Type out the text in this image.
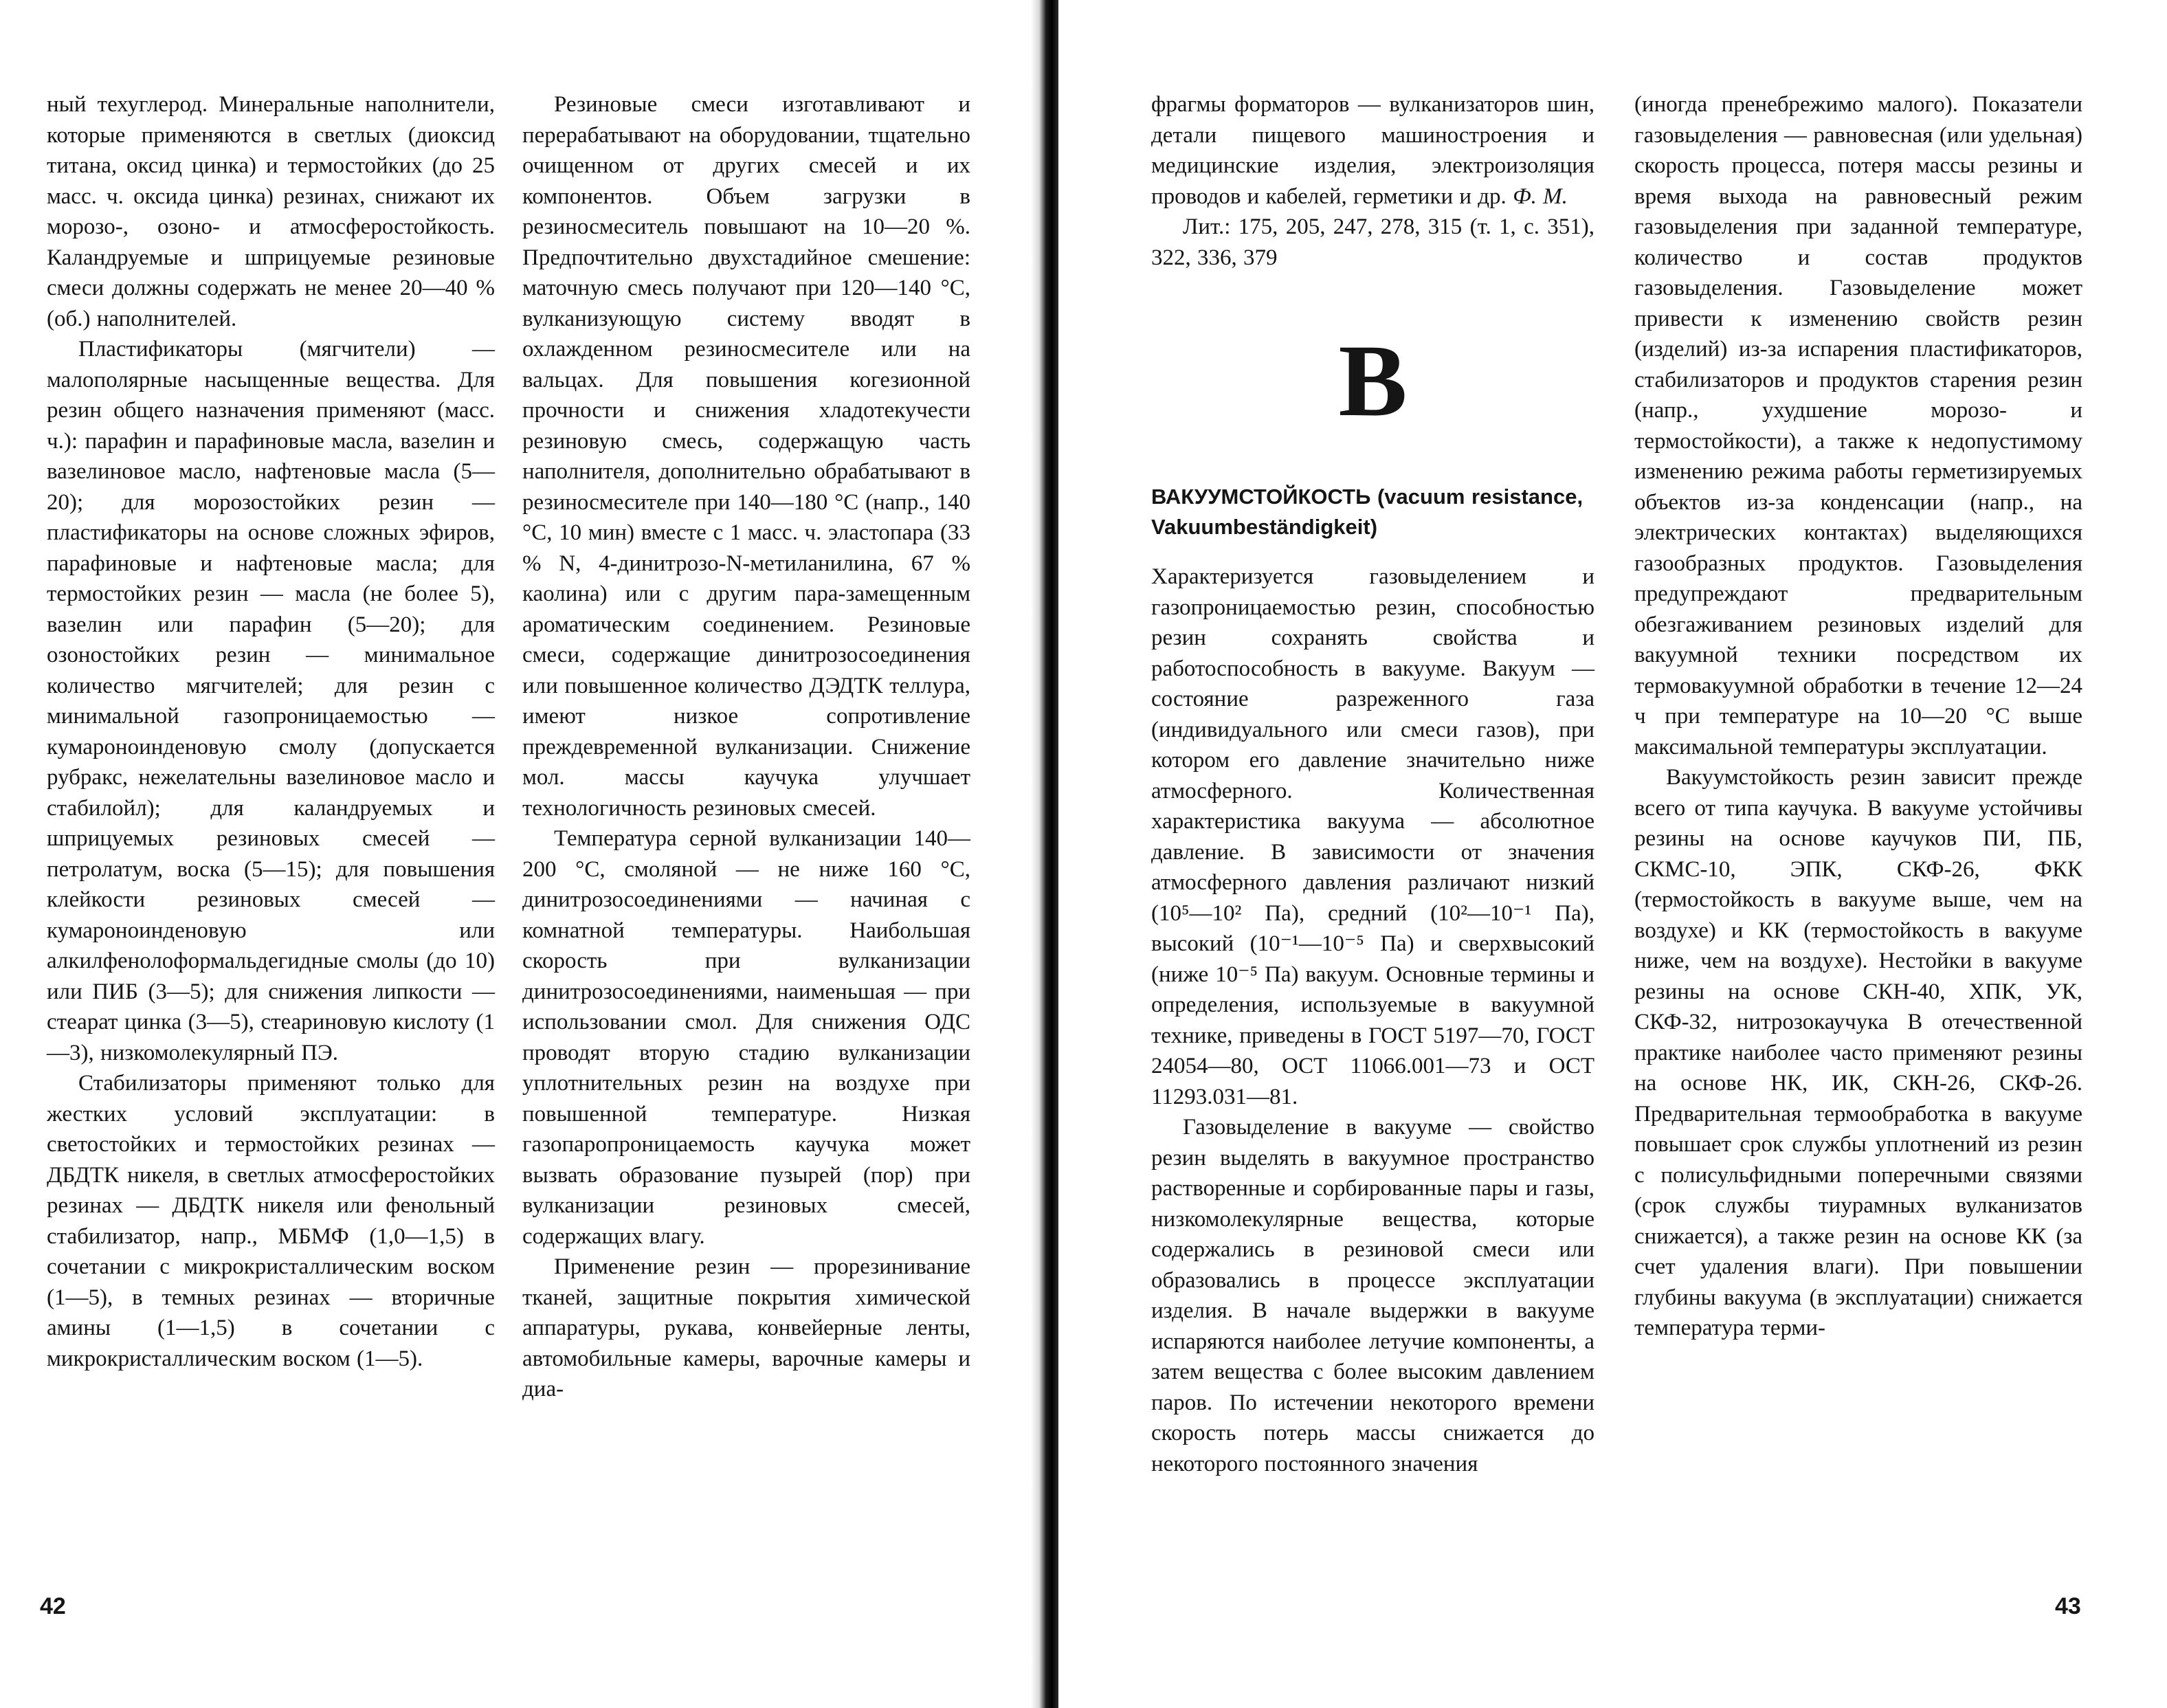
ный техуглерод. Минеральные наполнители, которые применяются в светлых (диоксид титана, оксид цинка) и термостойких (до 25 масс. ч. оксида цинка) резинах, снижают их морозо-, озоно- и атмосферостойкость. Каландруемые и шприцуемые резиновые смеси должны содержать не менее 20—40 % (об.) наполнителей.

Пластификаторы (мягчители) — малополярные насыщенные вещества. Для резин общего назначения применяют (масс. ч.): парафин и парафиновые масла, вазелин и вазелиновое масло, нафтеновые масла (5—20); для морозостойких резин — пластификаторы на основе сложных эфиров, парафиновые и нафтеновые масла; для термостойких резин — масла (не более 5), вазелин или парафин (5—20); для озоностойких резин — минимальное количество мягчителей; для резин с минимальной газопроницаемостью — кумароноинденовую смолу (допускается рубракс, нежелательны вазелиновое масло и стабилойл); для каландруемых и шприцуемых резиновых смесей — петролатум, воска (5—15); для повышения клейкости резиновых смесей — кумароноинденовую или алкилфенолоформальдегидные смолы (до 10) или ПИБ (3—5); для снижения липкости — стеарат цинка (3—5), стеариновую кислоту (1—3), низкомолекулярный ПЭ.

Стабилизаторы применяют только для жестких условий эксплуатации: в светостойких и термостойких резинах — ДБДТК никеля, в светлых атмосферостойких резинах — ДБДТК никеля или фенольный стабилизатор, напр., МБМФ (1,0—1,5) в сочетании с микрокристаллическим воском (1—5), в темных резинах — вторичные амины (1—1,5) в сочетании с микрокристаллическим воском (1—5).

Резиновые смеси изготавливают и перерабатывают на оборудовании, тщательно очищенном от других смесей и их компонентов. Объем загрузки в резиносмеситель повышают на 10—20 %. Предпочтительно двухстадийное смешение: маточную смесь получают при 120—140 °С, вулканизующую систему вводят в охлажденном резиносмесителе или на вальцах. Для повышения когезионной прочности и снижения хладотекучести резиновую смесь, содержащую часть наполнителя, дополнительно обрабатывают в резиносмесителе при 140—180 °С (напр., 140 °С, 10 мин) вместе с 1 масс. ч. эластопара (33 % N, 4-динитрозо-N-метиланилина, 67 % каолина) или с другим пара-замещенным ароматическим соединением. Резиновые смеси, содержащие динитрозосоединения или повышенное количество ДЭДТК теллура, имеют низкое сопротивление преждевременной вулканизации. Снижение мол. массы каучука улучшает технологичность резиновых смесей.

Температура серной вулканизации 140—200 °С, смоляной — не ниже 160 °С, динитрозосоединениями — начиная с комнатной температуры. Наибольшая скорость при вулканизации динитрозосоединениями, наименьшая — при использовании смол. Для снижения ОДС проводят вторую стадию вулканизации уплотнительных резин на воздухе при повышенной температуре. Низкая газопаропроницаемость каучука может вызвать образование пузырей (пор) при вулканизации резиновых смесей, содержащих влагу.

Применение резин — прорезинивание тканей, защитные покрытия химической аппаратуры, рукава, конвейерные ленты, автомобильные камеры, варочные камеры и диа-

42

фрагмы форматоров — вулканизаторов шин, детали пищевого машиностроения и медицинские изделия, электроизоляция проводов и кабелей, герметики и др. Ф. М.

Лит.: 175, 205, 247, 278, 315 (т. 1, с. 351), 322, 336, 379

В
ВАКУУМСТОЙКОСТЬ (vacuum resistance, Vakuumbeständigkeit)

Характеризуется газовыделением и газопроницаемостью резин, способностью резин сохранять свойства и работоспособность в вакууме. Вакуум — состояние разреженного газа (индивидуального или смеси газов), при котором его давление значительно ниже атмосферного. Количественная характеристика вакуума — абсолютное давление. В зависимости от значения атмосферного давления различают низкий (10⁵—10² Па), средний (10²—10⁻¹ Па), высокий (10⁻¹—10⁻⁵ Па) и сверхвысокий (ниже 10⁻⁵ Па) вакуум. Основные термины и определения, используемые в вакуумной технике, приведены в ГОСТ 5197—70, ГОСТ 24054—80, ОСТ 11066.001—73 и ОСТ 11293.031—81.

Газовыделение в вакууме — свойство резин выделять в вакуумное пространство растворенные и сорбированные пары и газы, низкомолекулярные вещества, которые содержались в резиновой смеси или образовались в процессе эксплуатации изделия. В начале выдержки в вакууме испаряются наиболее летучие компоненты, а затем вещества с более высоким давлением паров. По истечении некоторого времени скорость потерь массы снижается до некоторого постоянного значения

(иногда пренебрежимо малого). Показатели газовыделения — равновесная (или удельная) скорость процесса, потеря массы резины и время выхода на равновесный режим газовыделения при заданной температуре, количество и состав продуктов газовыделения. Газовыделение может привести к изменению свойств резин (изделий) из-за испарения пластификаторов, стабилизаторов и продуктов старения резин (напр., ухудшение морозо- и термостойкости), а также к недопустимому изменению режима работы герметизируемых объектов из-за конденсации (напр., на электрических контактах) выделяющихся газообразных продуктов. Газовыделения предупреждают предварительным обезгаживанием резиновых изделий для вакуумной техники посредством их термовакуумной обработки в течение 12—24 ч при температуре на 10—20 °С выше максимальной температуры эксплуатации.

Вакуумстойкость резин зависит прежде всего от типа каучука. В вакууме устойчивы резины на основе каучуков ПИ, ПБ, СКМС-10, ЭПК, СКФ-26, ФКК (термостойкость в вакууме выше, чем на воздухе) и КК (термостойкость в вакууме ниже, чем на воздухе). Нестойки в вакууме резины на основе СКН-40, ХПК, УК, СКФ-32, нитрозокаучука В отечественной практике наиболее часто применяют резины на основе НК, ИК, СКН-26, СКФ-26. Предварительная термообработка в вакууме повышает срок службы уплотнений из резин с полисульфидными поперечными связями (срок службы тиурамных вулканизатов снижается), а также резин на основе КК (за счет удаления влаги). При повышении глубины вакуума (в эксплуатации) снижается температура терми-

43
